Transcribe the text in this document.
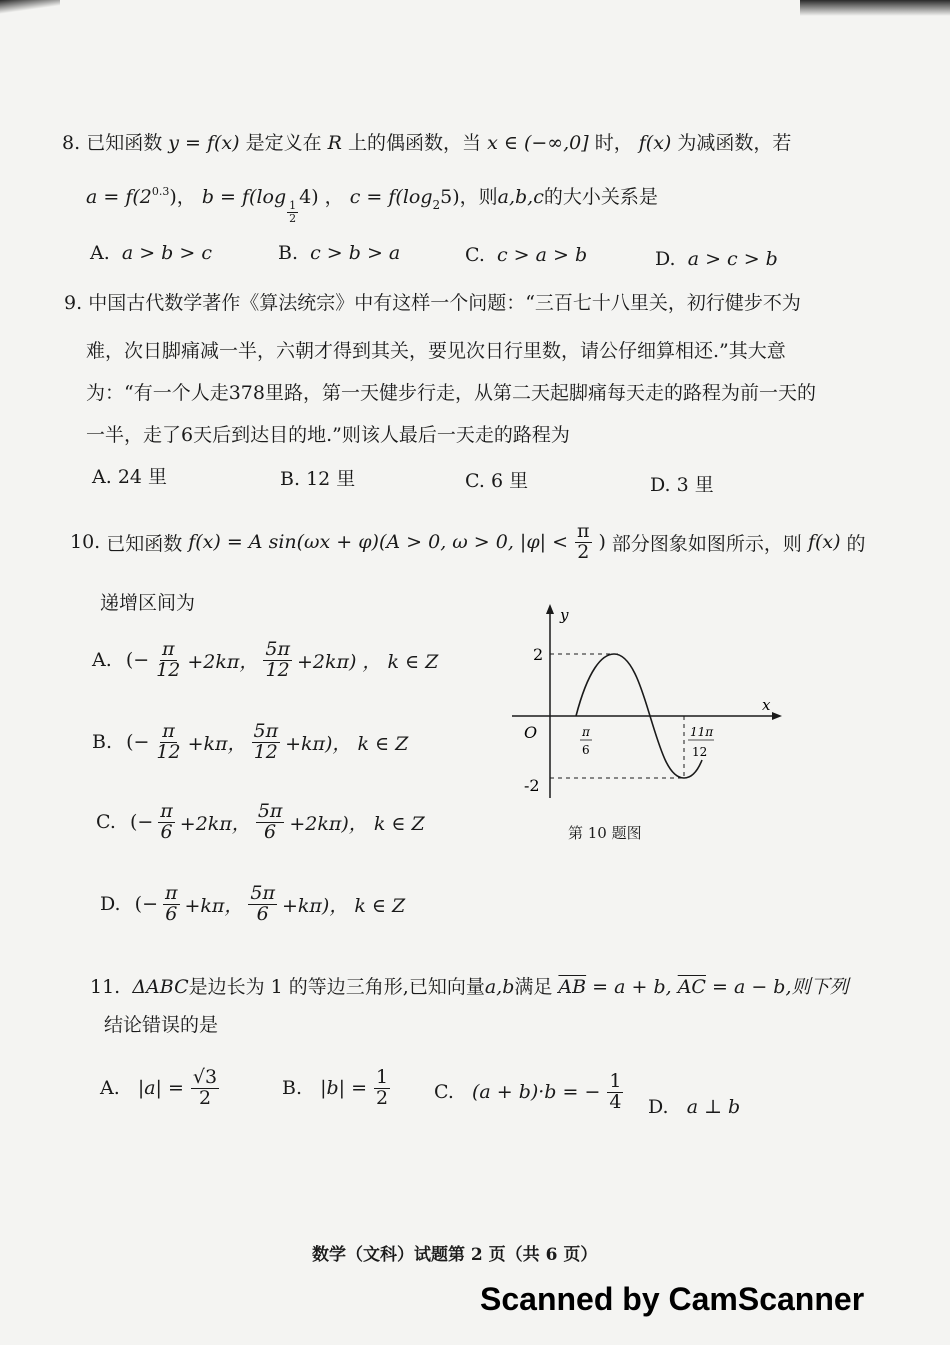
8. 已知函数 y = f(x) 是定义在 R 上的偶函数，当 x ∈ (−∞,0] 时， f(x) 为减函数，若
$a = f(2^{0.3})$， b = f(log
$\frac{1}{2}$
4) ， $c = f(\log_25)$，则a,b,c的大小关系是
A. a > b > c	B. c > b > a	C. c > a > b	D. a > c > b
9. 中国古代数学著作《算法统宗》中有这样一个问题：“三百七十八里关，初行健步不为
难，次日脚痛减一半，六朝才得到其关，要见次日行里数，请公仔细算相还.”其大意
为：“有一个人走378里路，第一天健步行走，从第二天起脚痛每天走的路程为前一天的
一半，走了6天后到达目的地.”则该人最后一天走的路程为
A. 24 里	B. 12 里	C. 6 里	D. 3 里
10. 已知函数 f(x) = A sin(ωx + φ)(A > 0, ω > 0, $|\varphi| < \frac{\pi}{2}$ ) 部分图象如图所示，则 f(x) 的
递增区间为
A.
(− $\frac{\pi}{12} +2k\pi$， $\frac{5\pi}{12} +2k\pi$) ， k ∈ Z
B.
(− $\frac{\pi}{12} +k\pi$， $\frac{5\pi}{12} +k\pi$)， k ∈ Z
C.
(− $\frac{\pi}{6} +2k\pi$， $\frac{5\pi}{6} +2k\pi$)， k ∈ Z
D.
(− $\frac{\pi}{6} +k\pi$， $\frac{5\pi}{6} +k\pi$)， k ∈ Z
y
x
O
2
-2
π
6
11π
12
第 10 题图
11. ΔABC是边长为 1 的等边三角形,已知向量a,b满足 $\overline{AB} = a + b$, $\overline{AC} = a - b$,则下列
结论错误的是
A.
$|a| = \frac{√3}{2}$	B.
$|b| = \frac{1}{2} C$.
(a + b)·b = − $\frac{1}{4} D$. a ⊥ b
数学（文科）试题第 2 页（共 6 页）
Scanned by CamScanner
